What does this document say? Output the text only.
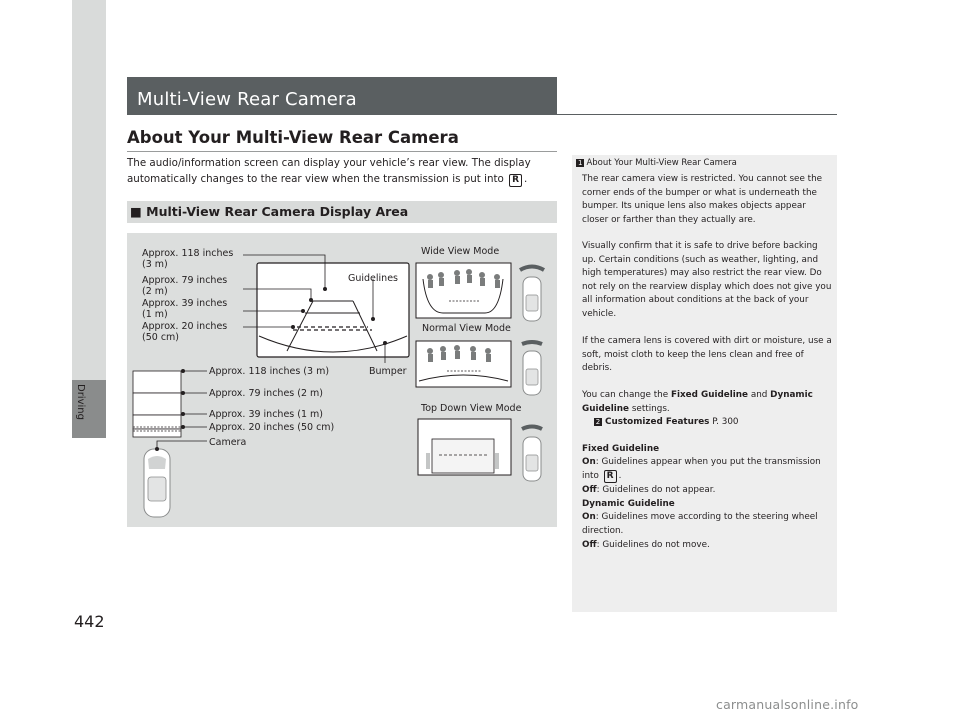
Driving
442
Multi-View Rear Camera
About Your Multi-View Rear Camera
The audio/information screen can display your vehicle’s rear view. The display automatically changes to the rear view when the transmission is put into R .
■ Multi-View Rear Camera Display Area
Approx. 118 inches
(3 m)
Approx. 79 inches
(2 m)
Approx. 39 inches
(1 m)
Approx. 20 inches
(50 cm)
Guidelines
Bumper
Wide View Mode
Normal View Mode
Top Down View Mode
Approx. 118 inches (3 m)
Approx. 79 inches (2 m)
Approx. 39 inches (1 m)
Approx. 20 inches (50 cm)
Camera
1 About Your Multi-View Rear Camera
The rear camera view is restricted. You cannot see the corner ends of the bumper or what is underneath the bumper. Its unique lens also makes objects appear closer or farther than they actually are.
Visually confirm that it is safe to drive before backing up. Certain conditions (such as weather, lighting, and high temperatures) may also restrict the rear view. Do not rely on the rearview display which does not give you all information about conditions at the back of your vehicle.
If the camera lens is covered with dirt or moisture, use a soft, moist cloth to keep the lens clean and free of debris.
You can change the Fixed Guideline and Dynamic Guideline settings.
2 Customized Features P. 300
Fixed Guideline
On: Guidelines appear when you put the transmission into R .
Off: Guidelines do not appear.
Dynamic Guideline
On: Guidelines move according to the steering wheel direction.
Off: Guidelines do not move.
carmanualsonline.info
